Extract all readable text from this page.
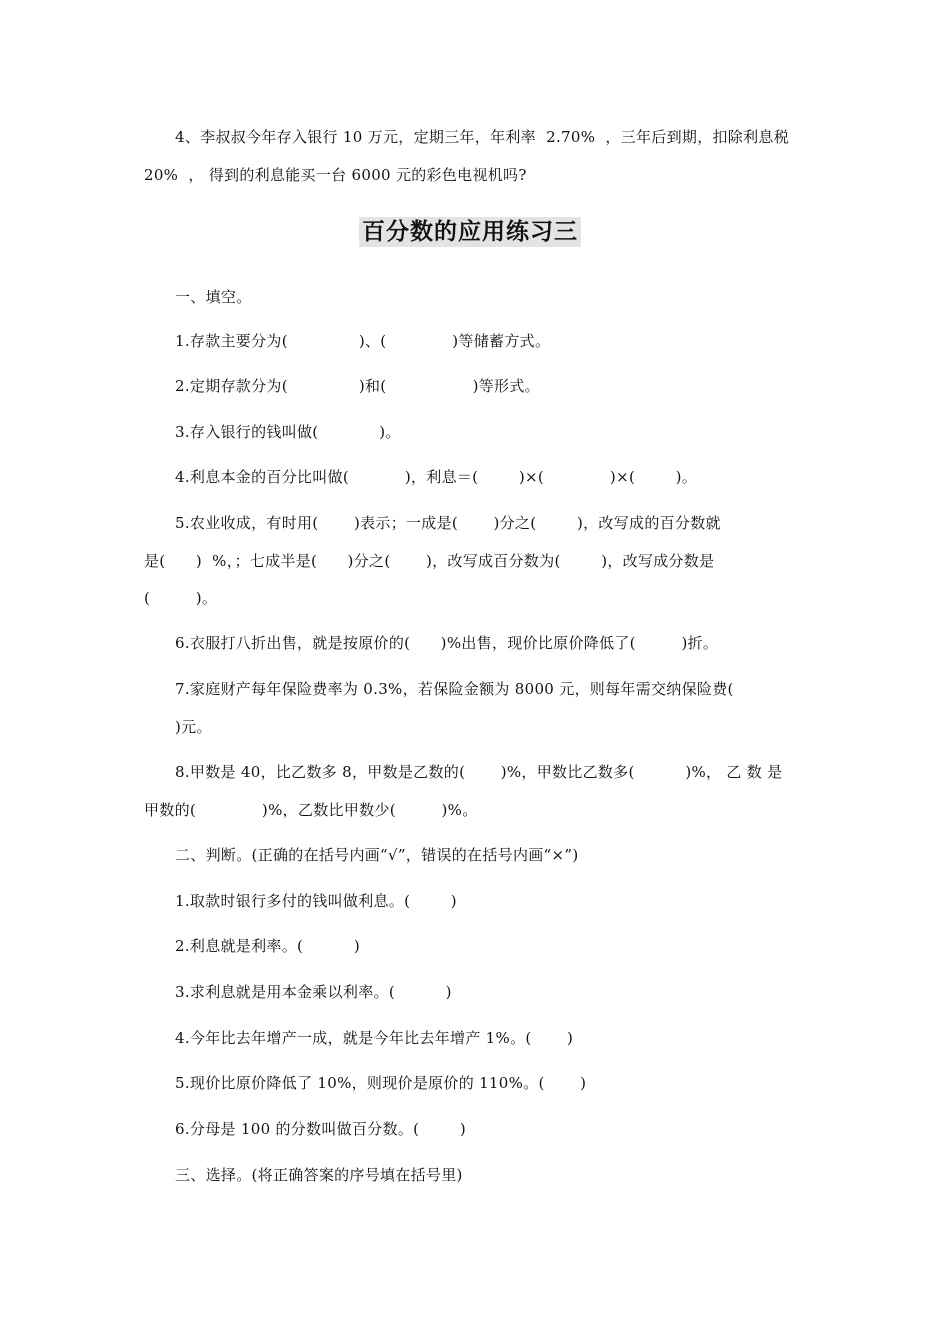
4、李叔叔今年存入银行 10 万元，定期三年，年利率  2.70%  ，三年后到期，扣除利息税
20%  ， 得到的利息能买一台 6000 元的彩色电视机吗?
百分数的应用练习三
一、填空。
1.存款主要分为(              )、(             )等储蓄方式。
2.定期存款分为(              )和(                 )等形式。
3.存入银行的钱叫做(            )。
4.利息本金的百分比叫做(           )，利息＝(        )×(             )×(        )。
5.农业收成，有时用(       )表示；一成是(       )分之(        )，改写成的百分数就
是(      )  %，；七成半是(      )分之(       )，改写成百分数为(        )，改写成分数是
(         )。
6.衣服打八折出售，就是按原价的(      )%出售，现价比原价降低了(         )折。
7.家庭财产每年保险费率为 0.3%，若保险金额为 8000 元，则每年需交纳保险费(
)元。
8.甲数是 40，比乙数多 8，甲数是乙数的(       )%，甲数比乙数多(          )%， 乙 数 是
甲数的(             )%，乙数比甲数少(         )%。
二、判断。(正确的在括号内画“√”，错误的在括号内画“×”)
1.取款时银行多付的钱叫做利息。(        )
2.利息就是利率。(          )
3.求利息就是用本金乘以利率。(          )
4.今年比去年增产一成，就是今年比去年增产 1%。(       )
5.现价比原价降低了 10%，则现价是原价的 110%。(       )
6.分母是 100 的分数叫做百分数。(        )
三、选择。(将正确答案的序号填在括号里)
